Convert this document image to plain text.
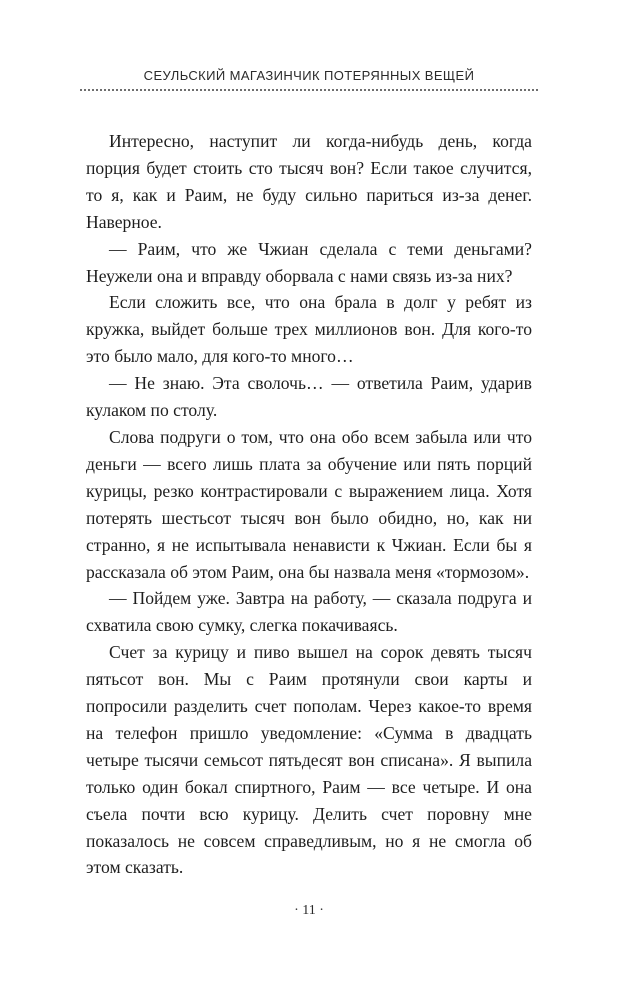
СЕУЛЬСКИЙ МАГАЗИНЧИК ПОТЕРЯННЫХ ВЕЩЕЙ

Интересно, наступит ли когда-нибудь день, когда порция будет стоить сто тысяч вон? Если такое случится, то я, как и Раим, не буду сильно париться из-за денег. Наверное.

— Раим, что же Чжиан сделала с теми деньгами? Неужели она и вправду оборвала с нами связь из-за них?

Если сложить все, что она брала в долг у ребят из кружка, выйдет больше трех миллионов вон. Для кого-то это было мало, для кого-то много…

— Не знаю. Эта сволочь… — ответила Раим, ударив кулаком по столу.

Слова подруги о том, что она обо всем забыла или что деньги — всего лишь плата за обучение или пять порций курицы, резко контрастировали с выражением лица. Хотя потерять шестьсот тысяч вон было обидно, но, как ни странно, я не испытывала ненависти к Чжиан. Если бы я рассказала об этом Раим, она бы назвала меня «тормозом».

— Пойдем уже. Завтра на работу, — сказала подруга и схватила свою сумку, слегка покачиваясь.

Счет за курицу и пиво вышел на сорок девять тысяч пятьсот вон. Мы с Раим протянули свои карты и попросили разделить счет пополам. Через какое-то время на телефон пришло уведомление: «Сумма в двадцать четыре тысячи семьсот пятьдесят вон списана». Я выпила только один бокал спиртного, Раим — все четыре. И она съела почти всю курицу. Делить счет поровну мне показалось не совсем справедливым, но я не смогла об этом сказать.

· 11 ·
